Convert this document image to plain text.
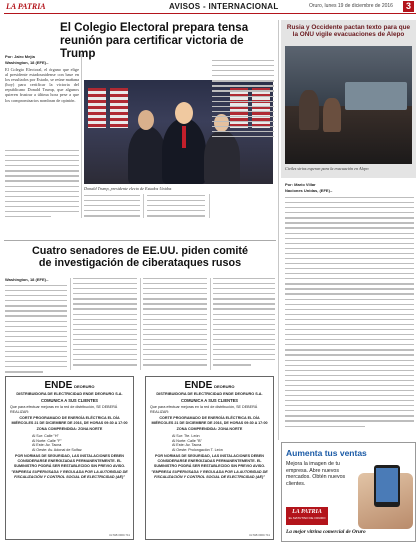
LA PATRIA	AVISOS - INTERNACIONAL	Oruro, lunes 19 de diciembre de 2016	3
El Colegio Electoral prepara tensa reunión para certificar victoria de Trump
Por: Jairo Mejía
Washington, 18 (EFE).-
El Colegio Electoral, el órgano que elige al presidente estadounidense con base en los resultados por Estado, se reúne mañana (hoy) para certificar la victoria del republicano Donald Trump, que algunos quieren frustrar a última hora pese a que los compromisarios nombran de opinión.
Donald Trump, presidente electo de Estados Unidos
Rusia y Occidente pactan texto para que la ONU vigile evacuaciones de Alepo
Civiles sirios esperan para la evacuación en Alepo
Por: Mario Villar
Naciones Unidas, (EFE).-
Cuatro senadores de EE.UU. piden comité de investigación de ciberataques rusos
Washington, 18 (EFE).-
ENDE DEORURO
DISTRIBUIDORA DE ELECTRICIDAD ENDE DEORURO S.A.
COMUNICA A SUS CLIENTES
Que para efectuar mejoras en la red de distribución, SE DEBERÁ REALIZAR:
CORTE PROGRAMADO DE ENERGÍA ELÉCTRICA EL DÍA MIÉRCOLES 21 DE DICIEMBRE DE 2016, DE HORAS 09:30 A 17:00
ZONA COMPRENDIDA: ZONA NORTE
Al Sur: Calle "H"
Al Norte: Calle "F"
Al Este: Av. Tacna
Al Oeste: Av. Adonai de Solfaz
POR NORMAS DE SEGURIDAD, LAS INSTALACIONES DEBEN CONSIDERARSE ENERGIZADAS PERMANENTEMENTE. EL SUMINISTRO PODRÁ SER RESTABLECIDO SIN PREVIO AVISO.
"EMPRESA SUPERVISADA Y REGULADA POR LA AUTORIDAD DE FISCALIZACIÓN Y CONTROL SOCIAL DE ELECTRICIDAD (AE)"
ULTAB 0900.741
ENDE DEORURO
DISTRIBUIDORA DE ELECTRICIDAD ENDE DEORURO S.A.
COMUNICA A SUS CLIENTES
Que para efectuar mejoras en la red de distribución, SE DEBERÁ REALIZAR:
CORTE PROGRAMADO DE ENERGÍA ELÉCTRICA EL DÍA MIÉRCOLES 21 DE DICIEMBRE DE 2016, DE HORAS 09:30 A 17:00
ZONA COMPRENDIDA: ZONA NORTE
Al Sur: Tte. León
Al Norte: Calle "B"
Al Este: Av. Tacna
Al Oeste: Prolongación T. León
POR NORMAS DE SEGURIDAD, LAS INSTALACIONES DEBEN CONSIDERARSE ENERGIZADAS PERMANENTEMENTE. EL SUMINISTRO PODRÁ SER RESTABLECIDO SIN PREVIO AVISO.
"EMPRESA SUPERVISADA Y REGULADA POR LA AUTORIDAD DE FISCALIZACIÓN Y CONTROL SOCIAL DE ELECTRICIDAD (AE)"
ULTAB 0900.741
Aumenta tus ventas
Mejora la imagen de tu empresa. Abre nuevos mercados. Obtén nuevos clientes.
LA PATRIA
EL MATUTINO DE ORURO
La mejor vitrina comercial de Oruro
